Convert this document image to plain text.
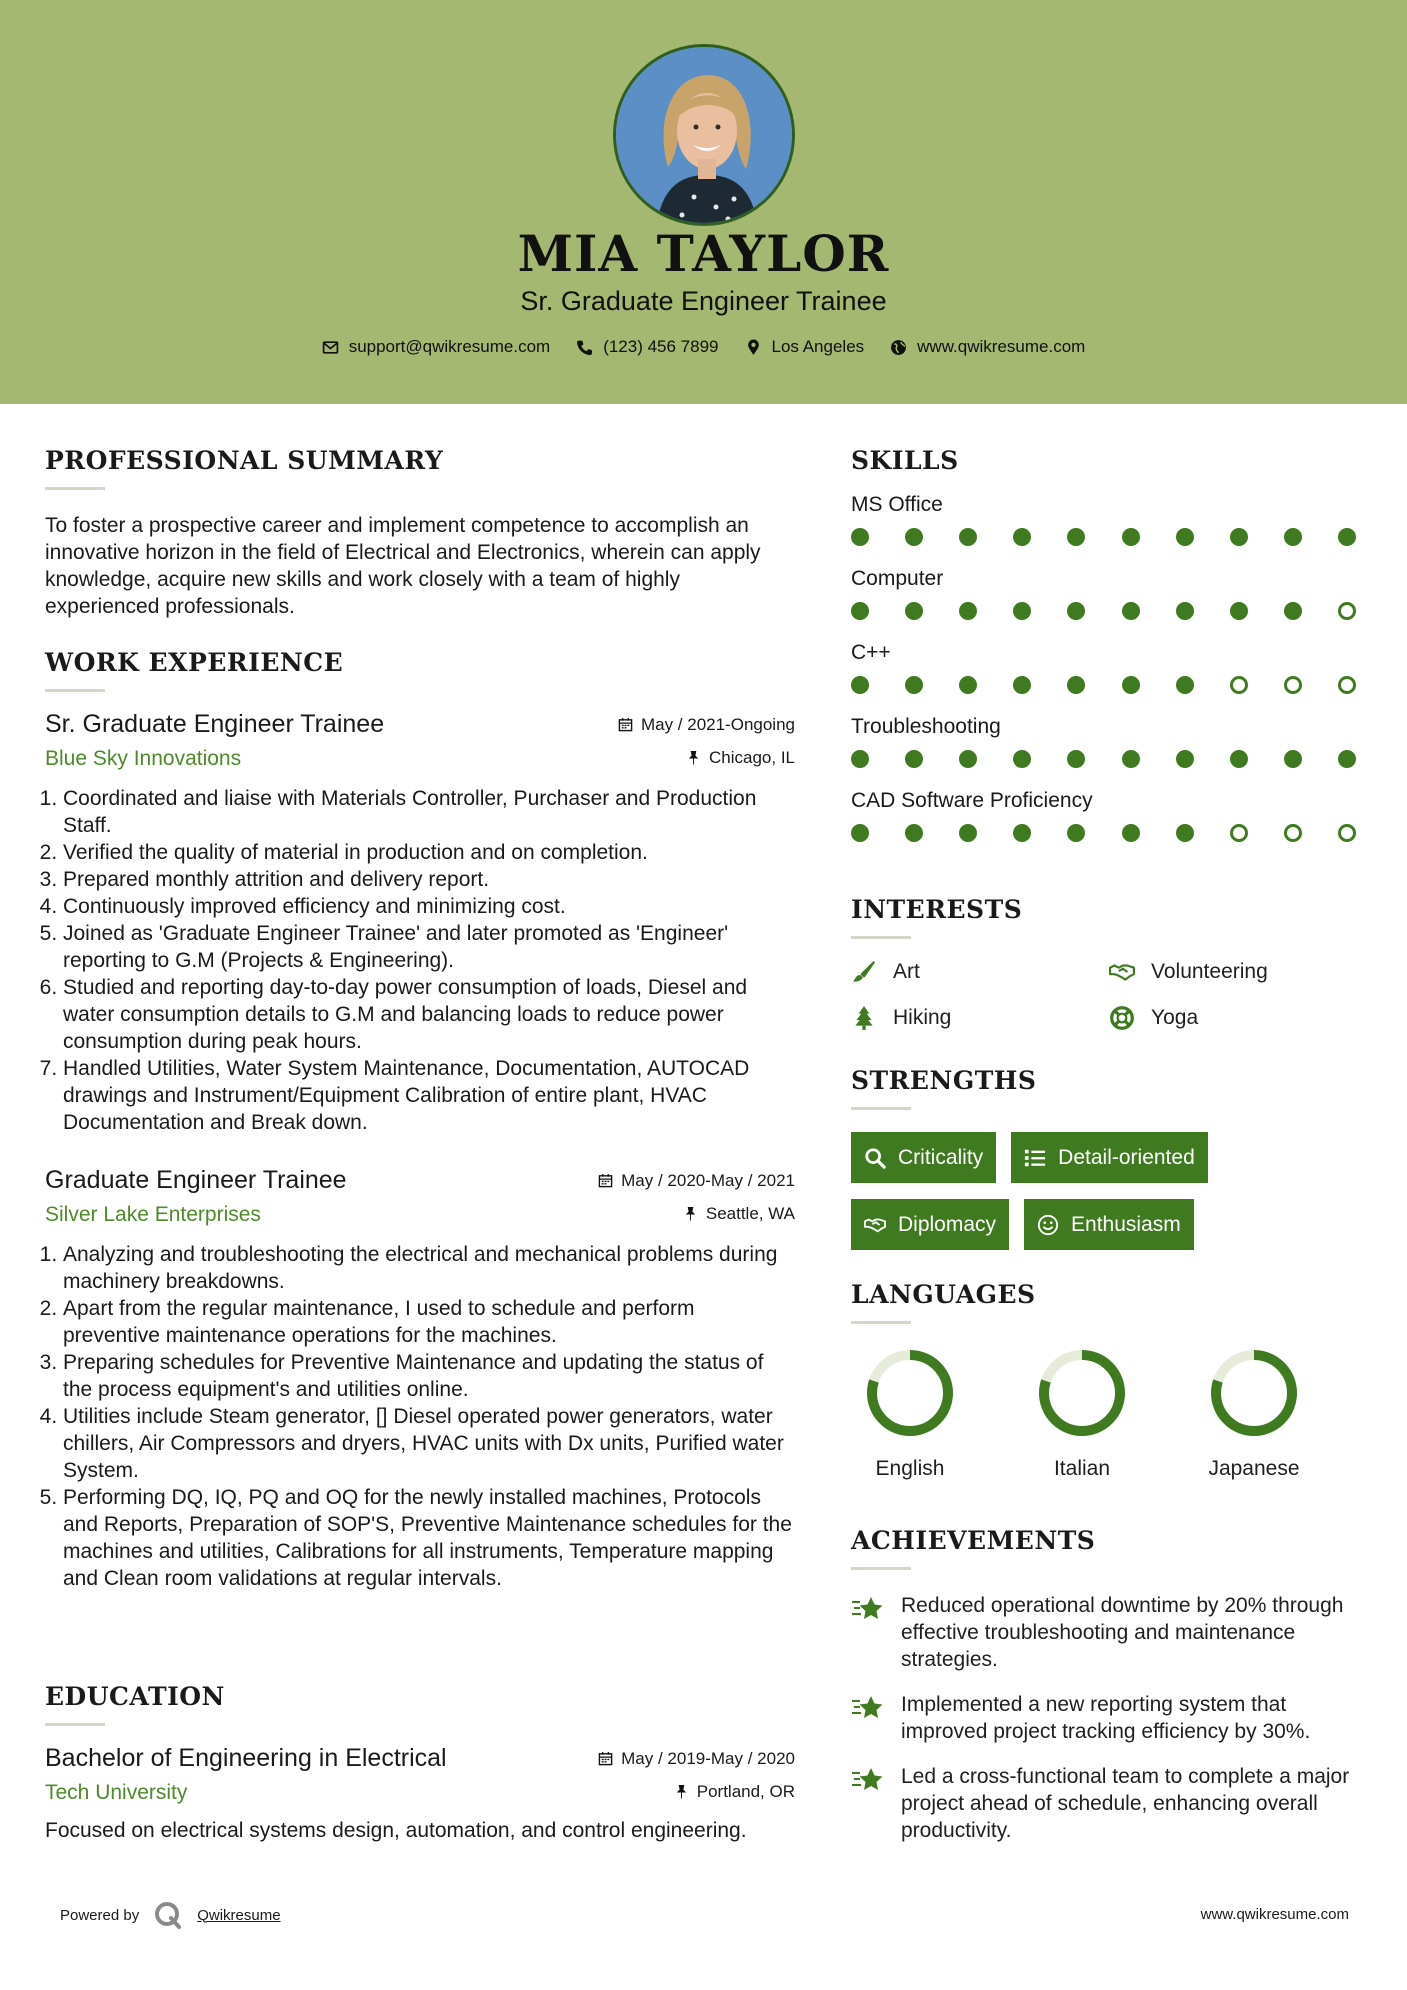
MIA TAYLOR
Sr. Graduate Engineer Trainee
support@qwikresume.com	(123) 456 7899	Los Angeles	www.qwikresume.com
PROFESSIONAL SUMMARY
To foster a prospective career and implement competence to accomplish an innovative horizon in the field of Electrical and Electronics, wherein can apply knowledge, acquire new skills and work closely with a team of highly experienced professionals.
WORK EXPERIENCE
Sr. Graduate Engineer Trainee	May / 2021-Ongoing
Blue Sky Innovations	Chicago, IL
1. Coordinated and liaise with Materials Controller, Purchaser and Production Staff.
2. Verified the quality of material in production and on completion.
3. Prepared monthly attrition and delivery report.
4. Continuously improved efficiency and minimizing cost.
5. Joined as 'Graduate Engineer Trainee' and later promoted as 'Engineer' reporting to G.M (Projects & Engineering).
6. Studied and reporting day-to-day power consumption of loads, Diesel and water consumption details to G.M and balancing loads to reduce power consumption during peak hours.
7. Handled Utilities, Water System Maintenance, Documentation, AUTOCAD drawings and Instrument/Equipment Calibration of entire plant, HVAC Documentation and Break down.
Graduate Engineer Trainee	May / 2020-May / 2021
Silver Lake Enterprises	Seattle, WA
1. Analyzing and troubleshooting the electrical and mechanical problems during machinery breakdowns.
2. Apart from the regular maintenance, I used to schedule and perform preventive maintenance operations for the machines.
3. Preparing schedules for Preventive Maintenance and updating the status of the process equipment's and utilities online.
4. Utilities include Steam generator, [] Diesel operated power generators, water chillers, Air Compressors and dryers, HVAC units with Dx units, Purified water System.
5. Performing DQ, IQ, PQ and OQ for the newly installed machines, Protocols and Reports, Preparation of SOP'S, Preventive Maintenance schedules for the machines and utilities, Calibrations for all instruments, Temperature mapping and Clean room validations at regular intervals.
EDUCATION
Bachelor of Engineering in Electrical	May / 2019-May / 2020
Tech University	Portland, OR
Focused on electrical systems design, automation, and control engineering.
SKILLS
MS Office
Computer
C++
Troubleshooting
CAD Software Proficiency
INTERESTS
Art	Volunteering
Hiking	Yoga
STRENGTHS
Criticality	Detail-oriented
Diplomacy	Enthusiasm
LANGUAGES
English	Italian	Japanese
ACHIEVEMENTS
Reduced operational downtime by 20% through effective troubleshooting and maintenance strategies.
Implemented a new reporting system that improved project tracking efficiency by 30%.
Led a cross-functional team to complete a major project ahead of schedule, enhancing overall productivity.
Powered by	Qwikresume	www.qwikresume.com
